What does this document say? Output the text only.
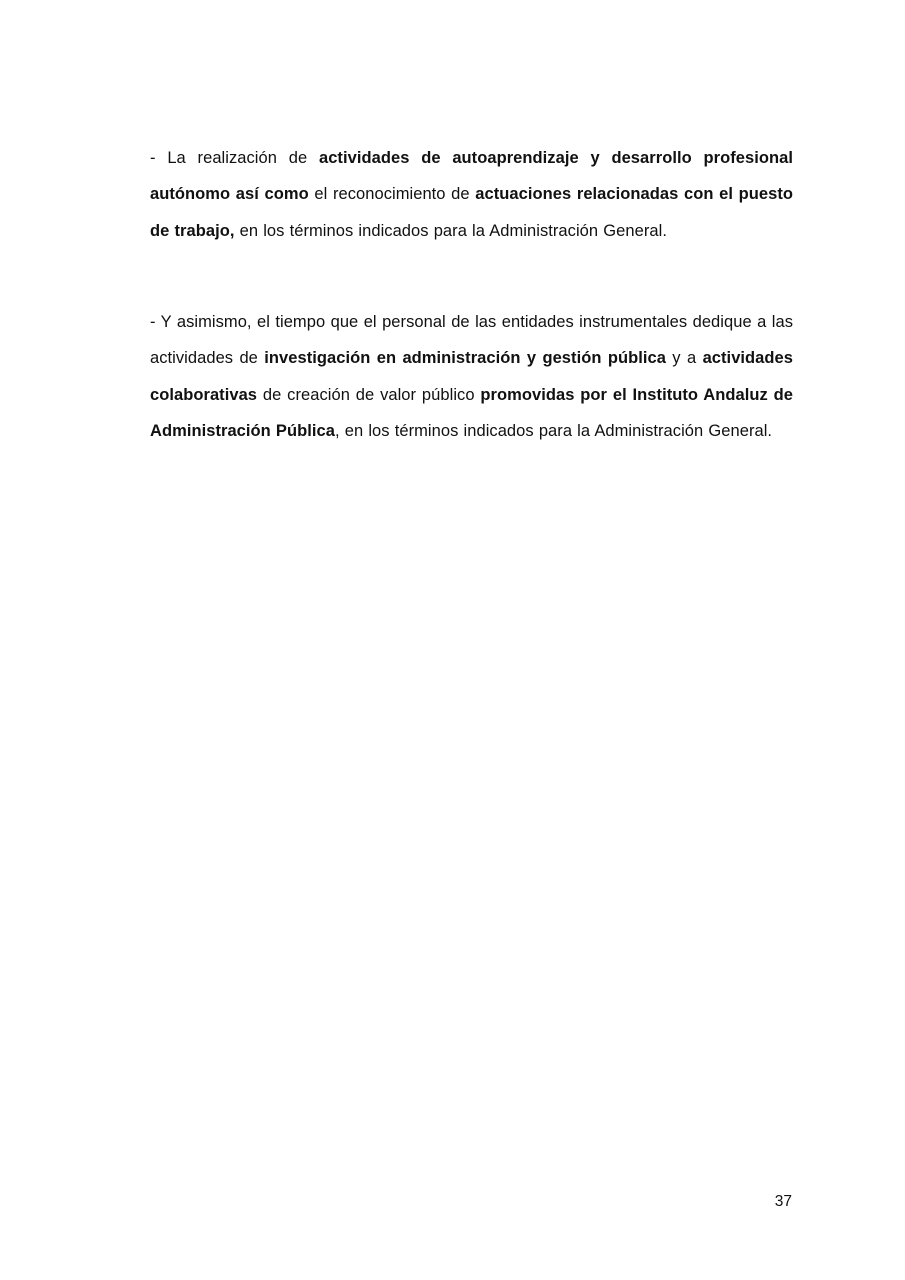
- La realización de actividades de autoaprendizaje y desarrollo profesional autónomo así como el reconocimiento de actuaciones relacionadas con el puesto de trabajo, en los términos indicados para la Administración General.

- Y asimismo, el tiempo que el personal de las entidades instrumentales dedique a las actividades de investigación en administración y gestión pública y a actividades colaborativas de creación de valor público promovidas por el Instituto Andaluz de Administración Pública, en los términos indicados para la Administración General.

37
